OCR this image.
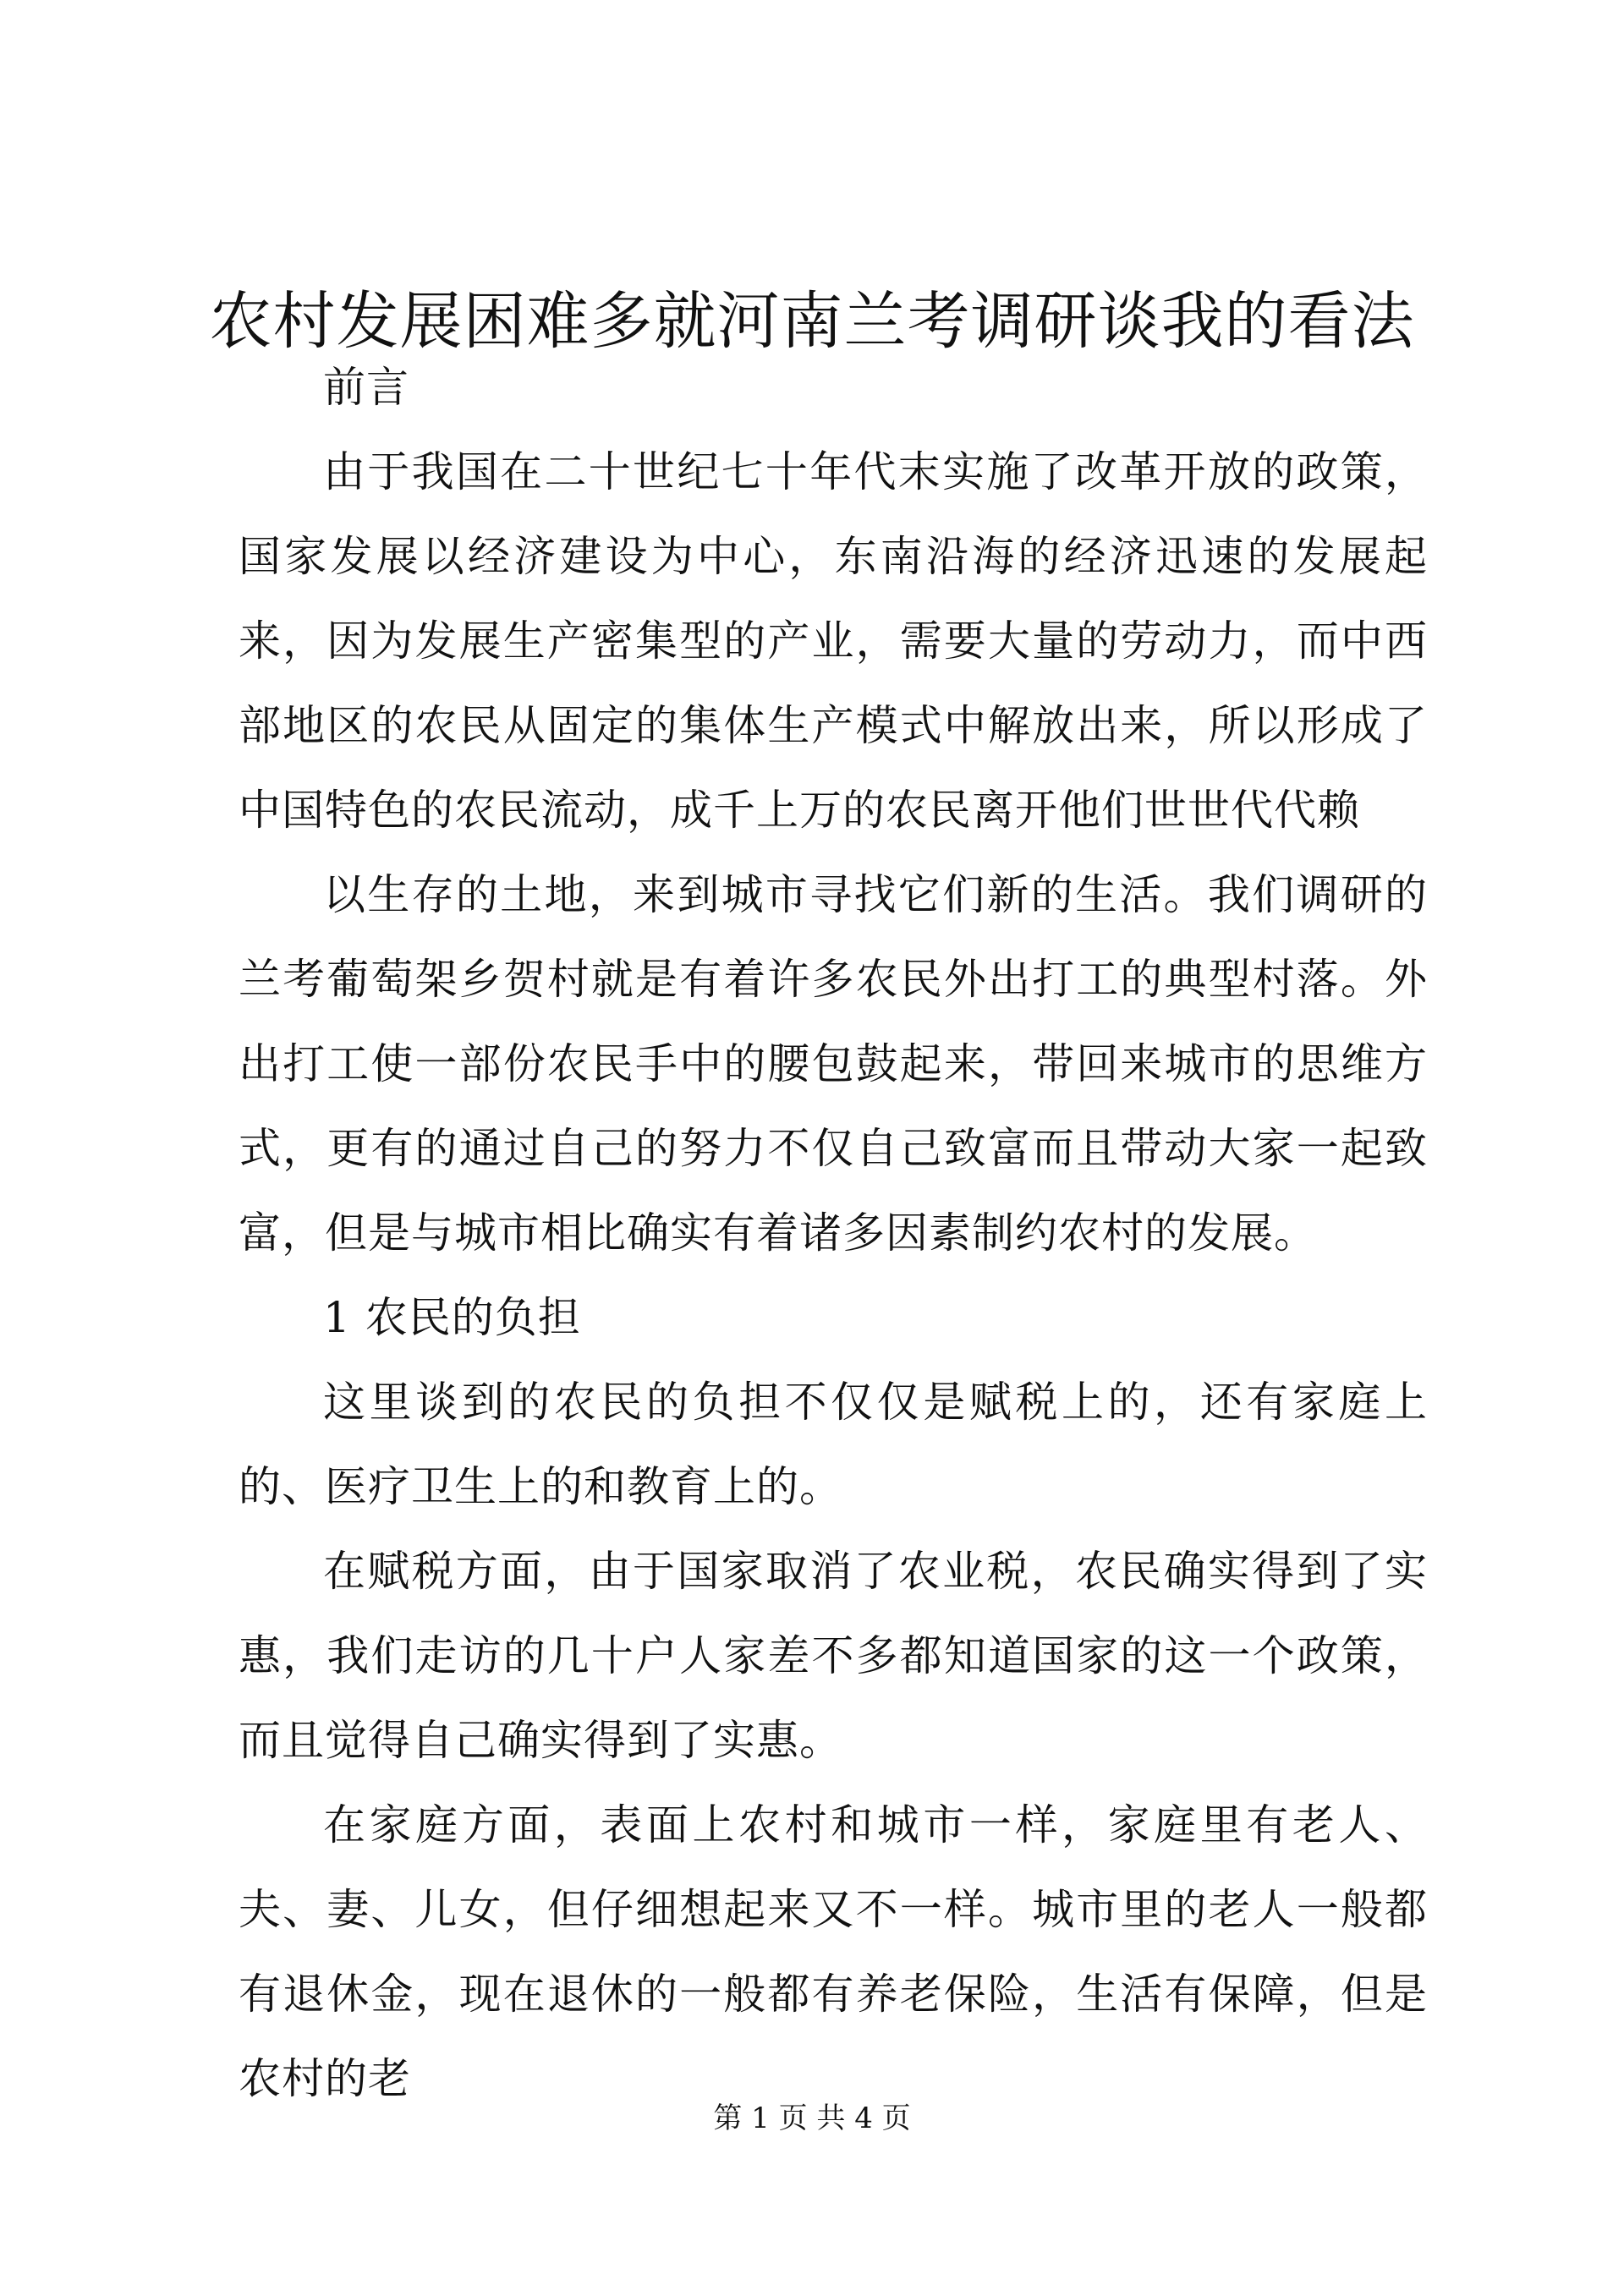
农村发展困难多就河南兰考调研谈我的看法

前言

由于我国在二十世纪七十年代末实施了改革开放的政策，国家发展以经济建设为中心，东南沿海的经济迅速的发展起来，因为发展生产密集型的产业，需要大量的劳动力，而中西部地区的农民从固定的集体生产模式中解放出来，所以形成了中国特色的农民流动，成千上万的农民离开他们世世代代赖

以生存的土地，来到城市寻找它们新的生活。我们调研的兰考葡萄架乡贺村就是有着许多农民外出打工的典型村落。外出打工使一部份农民手中的腰包鼓起来，带回来城市的思维方式，更有的通过自己的努力不仅自己致富而且带动大家一起致富，但是与城市相比确实有着诸多因素制约农村的发展。

1 农民的负担

这里谈到的农民的负担不仅仅是赋税上的，还有家庭上的、医疗卫生上的和教育上的。

在赋税方面，由于国家取消了农业税，农民确实得到了实惠，我们走访的几十户人家差不多都知道国家的这一个政策，而且觉得自己确实得到了实惠。

在家庭方面，表面上农村和城市一样，家庭里有老人、夫、妻、儿女，但仔细想起来又不一样。城市里的老人一般都有退休金，现在退休的一般都有养老保险，生活有保障，但是农村的老

第 1 页 共 4 页
